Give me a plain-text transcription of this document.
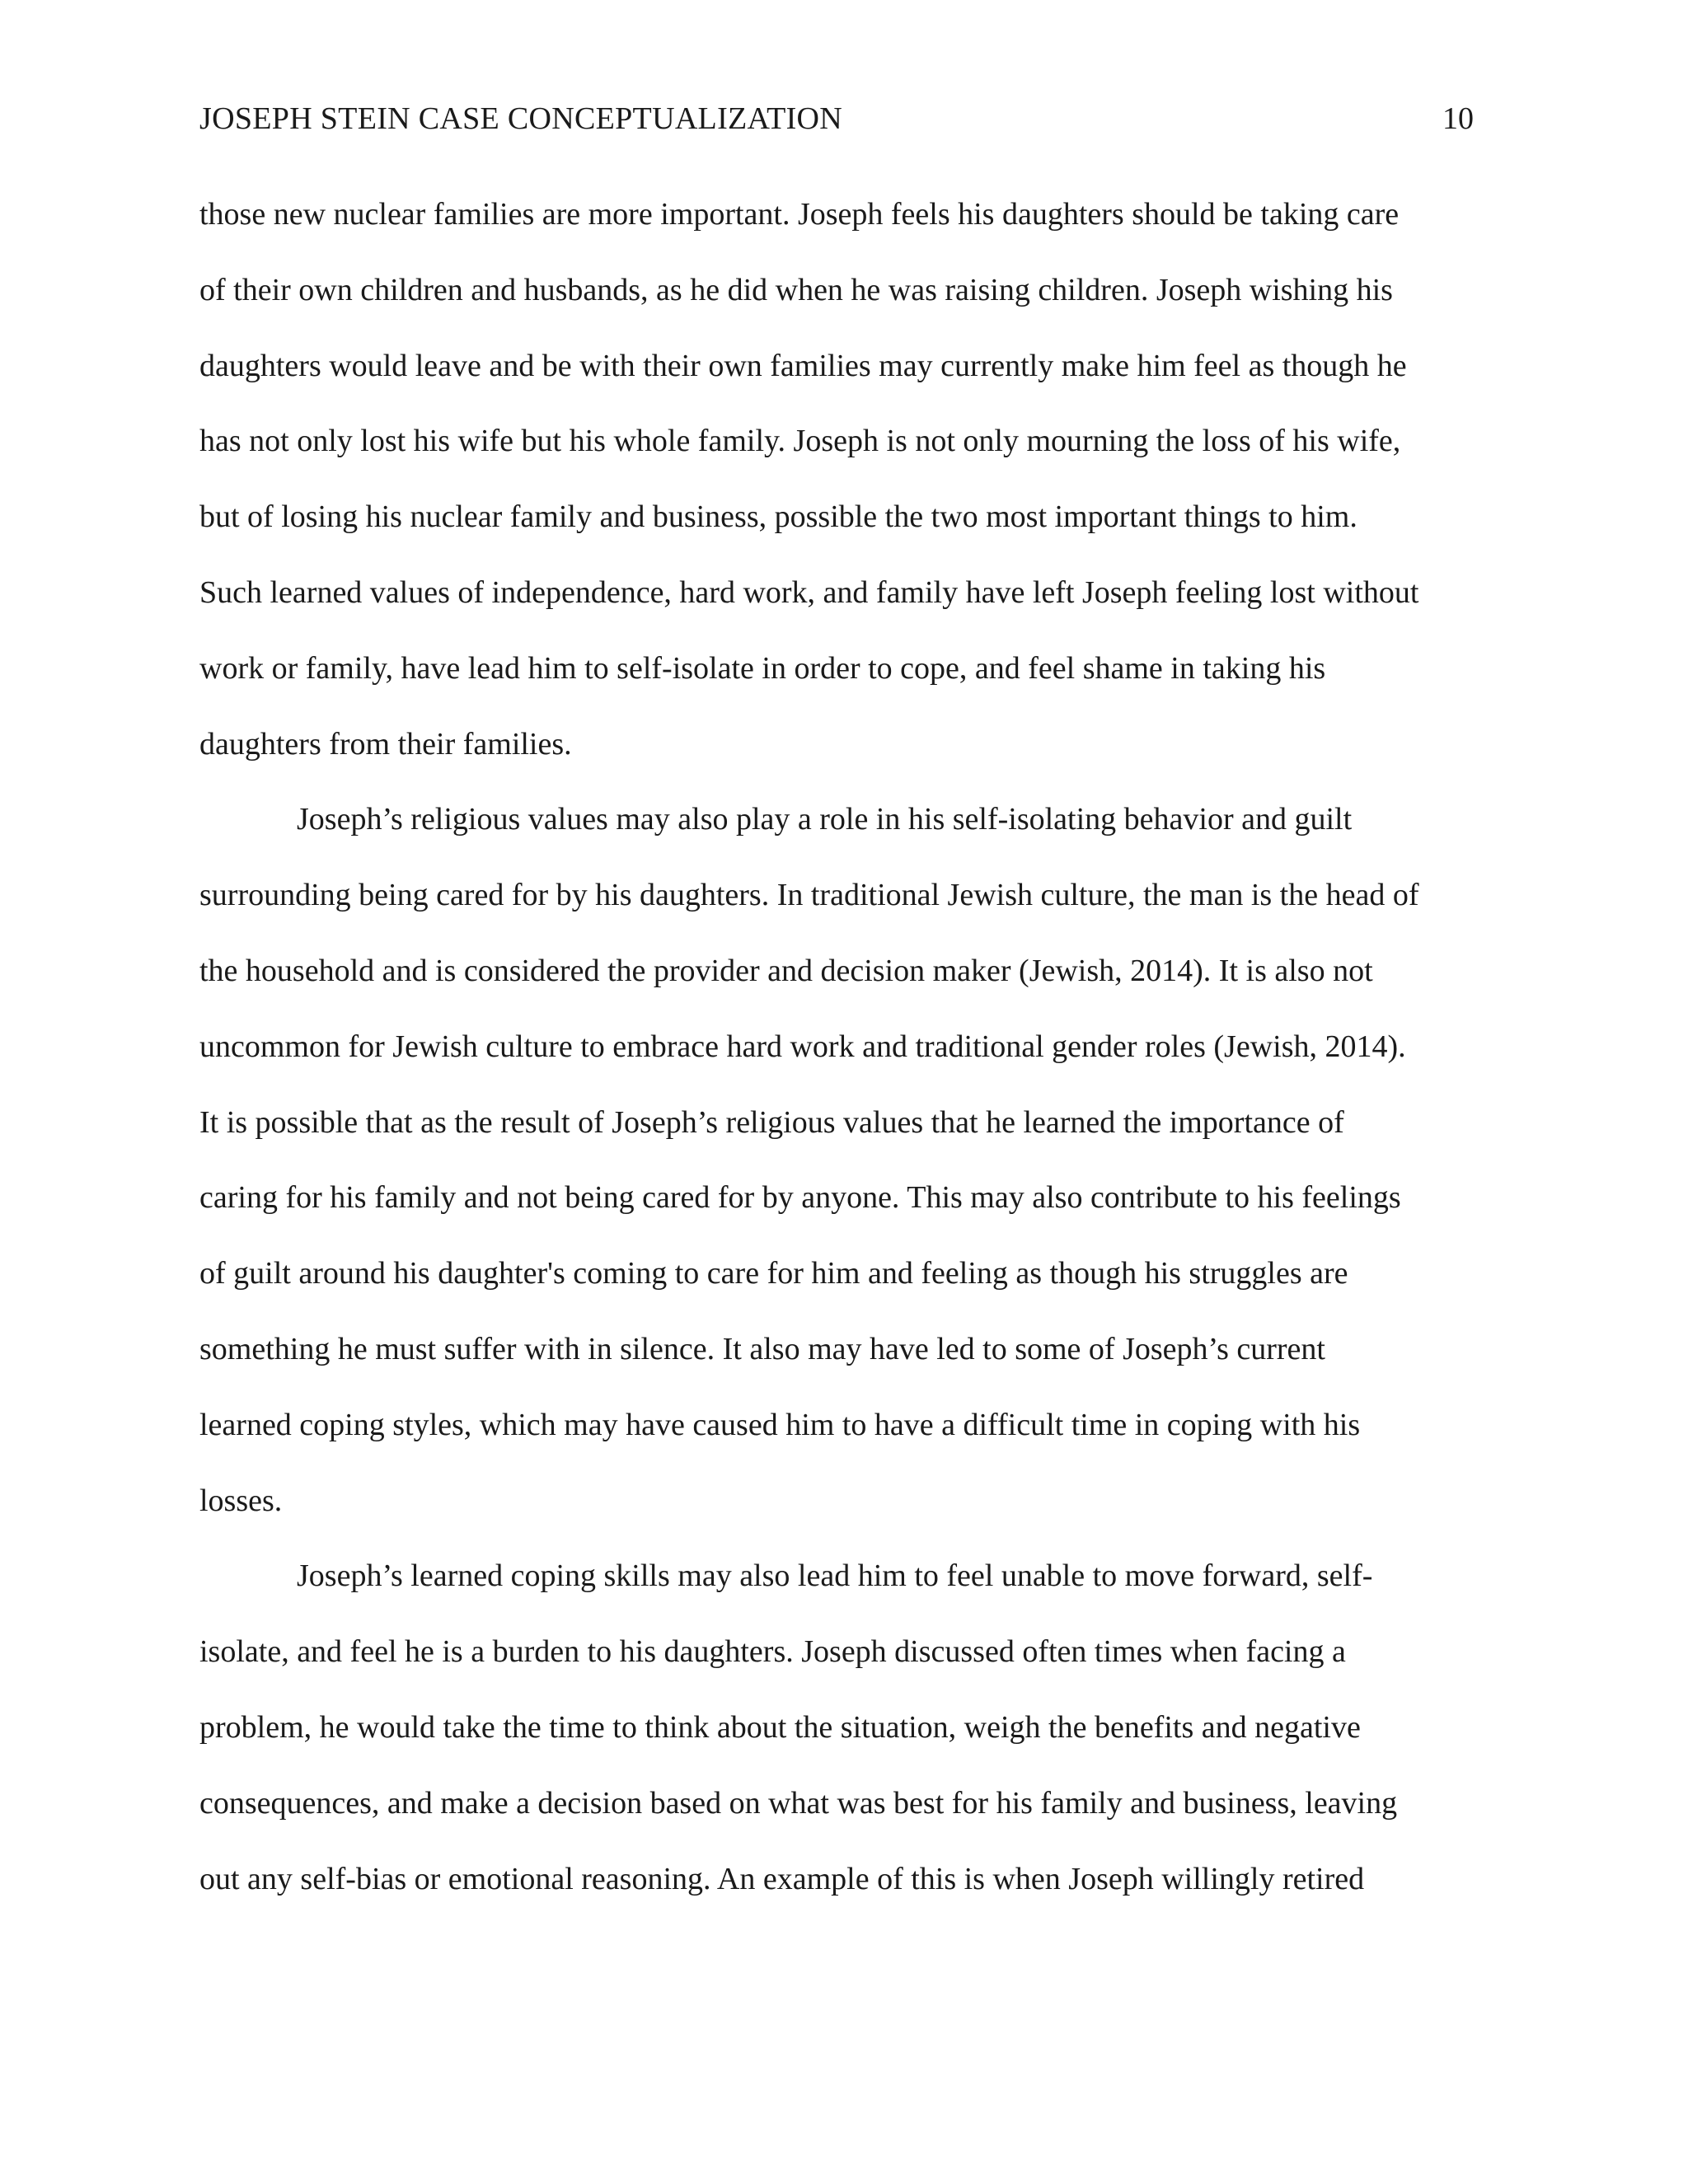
JOSEPH STEIN CASE CONCEPTUALIZATION	10
those new nuclear families are more important. Joseph feels his daughters should be taking care
of their own children and husbands, as he did when he was raising children. Joseph wishing his
daughters would leave and be with their own families may currently make him feel as though he
has not only lost his wife but his whole family. Joseph is not only mourning the loss of his wife,
but of losing his nuclear family and business, possible the two most important things to him.
Such learned values of independence, hard work, and family have left Joseph feeling lost without
work or family, have lead him to self-isolate in order to cope, and feel shame in taking his
daughters from their families.
Joseph’s religious values may also play a role in his self-isolating behavior and guilt
surrounding being cared for by his daughters. In traditional Jewish culture, the man is the head of
the household and is considered the provider and decision maker (Jewish, 2014). It is also not
uncommon for Jewish culture to embrace hard work and traditional gender roles (Jewish, 2014).
It is possible that as the result of Joseph’s religious values that he learned the importance of
caring for his family and not being cared for by anyone. This may also contribute to his feelings
of guilt around his daughter's coming to care for him and feeling as though his struggles are
something he must suffer with in silence. It also may have led to some of Joseph’s current
learned coping styles, which may have caused him to have a difficult time in coping with his
losses.
Joseph’s learned coping skills may also lead him to feel unable to move forward, self-
isolate, and feel he is a burden to his daughters. Joseph discussed often times when facing a
problem, he would take the time to think about the situation, weigh the benefits and negative
consequences, and make a decision based on what was best for his family and business, leaving
out any self-bias or emotional reasoning. An example of this is when Joseph willingly retired
